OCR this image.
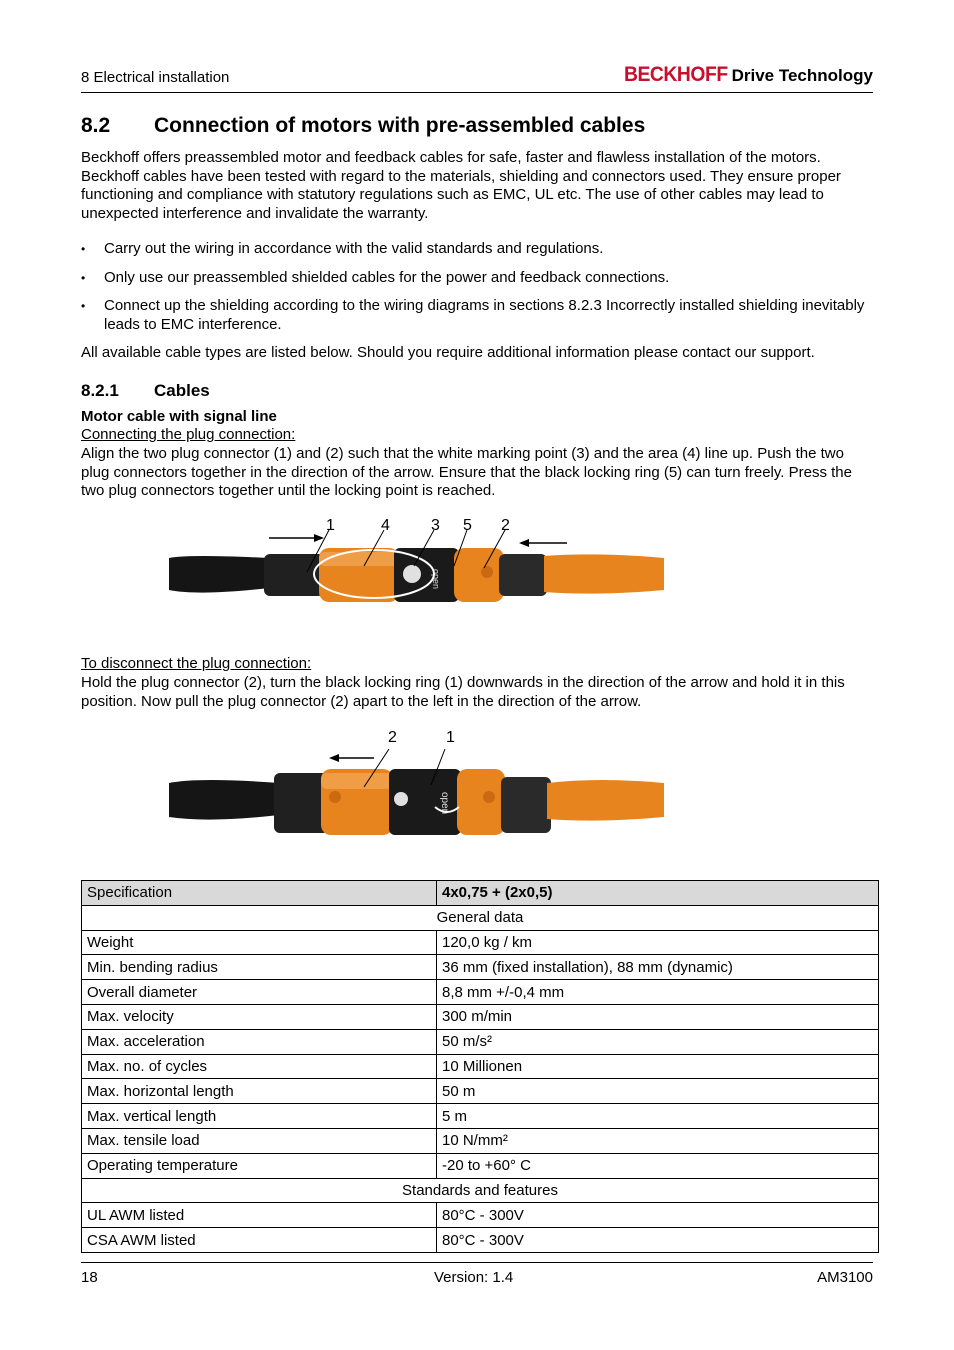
8 Electrical installation	BECKHOFF Drive Technology
8.2 Connection of motors with pre-assembled cables

Beckhoff offers preassembled motor and feedback cables for safe, faster and flawless installation of the motors. Beckhoff cables have been tested with regard to the materials, shielding and connectors used. They ensure proper functioning and compliance with statutory regulations such as EMC, UL etc. The use of other cables may lead to unexpected interference and invalidate the warranty.

• Carry out the wiring in accordance with the valid standards and regulations.
• Only use our preassembled shielded cables for the power and feedback connections.
• Connect up the shielding according to the wiring diagrams in sections 8.2.3 Incorrectly installed shielding inevitably leads to EMC interference.

All available cable types are listed below. Should you require additional information please contact our support.

8.2.1 Cables

Motor cable with signal line

Connecting the plug connection:

Align the two plug connector (1) and (2) such that the white marking point (3) and the area (4) line up. Push the two plug connectors together in the direction of the arrow. Ensure that the black locking ring (5) can turn freely. Press the two plug connectors together until the locking point is reached.

open
1	4	3 5 2

To disconnect the plug connection:

Hold the plug connector (2), turn the black locking ring (1) downwards in the direction of the arrow and hold it in this position. Now pull the plug connector (2) apart to the left in the direction of the arrow.

open
2	1
Specification	4x0,75 + (2x0,5)
General data	
Weight	120,0 kg / km
Min. bending radius	36 mm (fixed installation), 88 mm (dynamic)
Overall diameter	8,8 mm +/-0,4 mm
Max. velocity	300 m/min
Max. acceleration	50 m/s²
Max. no. of cycles	10 Millionen
Max. horizontal length	50 m
Max. vertical length	5 m
Max. tensile load	10 N/mm²
Operating temperature	-20 to +60° C
Standards and features	
UL AWM listed	80°C - 300V
CSA AWM listed	80°C - 300V
18	Version: 1.4	AM3100
